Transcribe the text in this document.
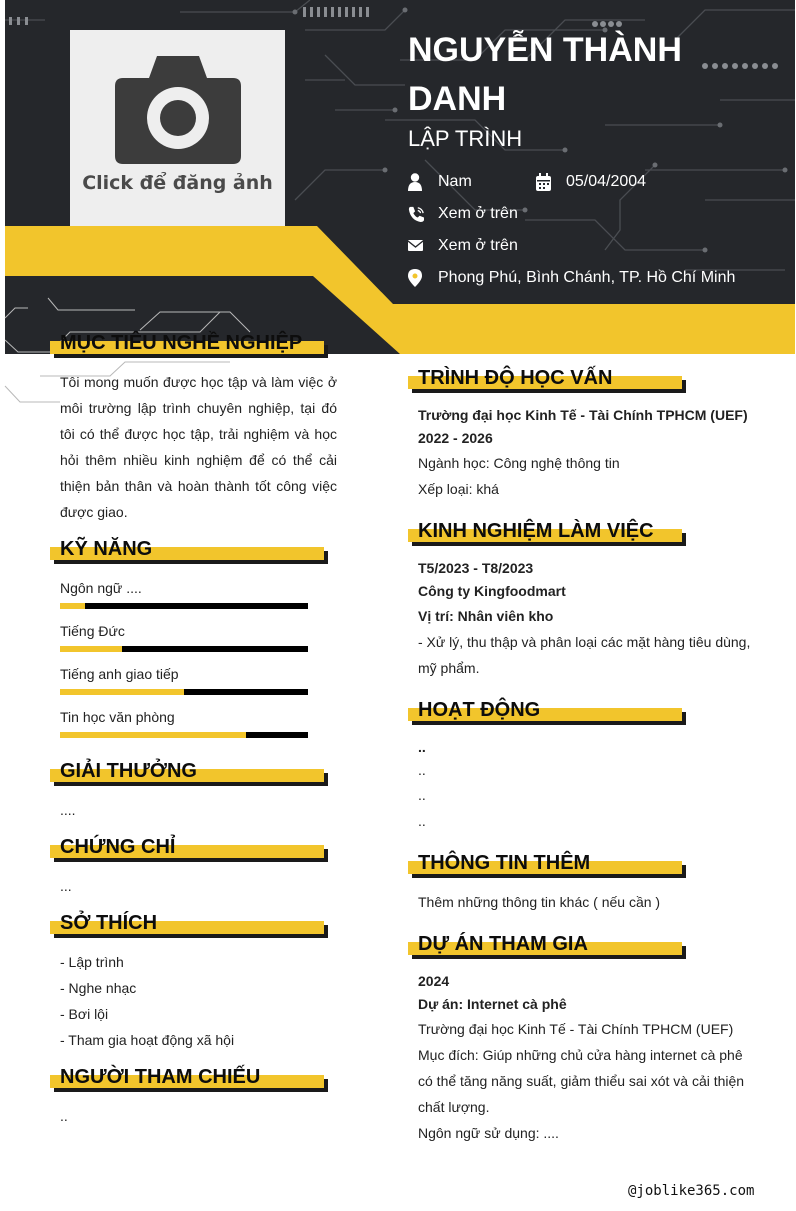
Click để đăng ảnh
NGUYỄN THÀNH DANH
LẬP TRÌNH
Nam	05/04/2004
Xem ở trên
Xem ở trên
Phong Phú, Bình Chánh, TP. Hồ Chí Minh
MỤC TIÊU NGHỀ NGHIỆP
Tôi mong muốn được học tập và làm việc ở môi trường lập trình chuyên nghiệp, tại đó tôi có thể được học tập, trải nghiệm và học hỏi thêm nhiều kinh nghiệm để có thể cải thiện bản thân và hoàn thành tốt công việc được giao.
KỸ NĂNG
Ngôn ngữ ....
Tiếng Đức
Tiếng anh giao tiếp
Tin học văn phòng
GIẢI THƯỞNG
....
CHỨNG CHỈ
...
SỞ THÍCH
- Lập trình
- Nghe nhạc
- Bơi lội
- Tham gia hoạt động xã hội
NGƯỜI THAM CHIẾU
..
TRÌNH ĐỘ HỌC VẤN
Trường đại học Kinh Tế - Tài Chính TPHCM (UEF)
2022 - 2026
Ngành học: Công nghệ thông tin
Xếp loại: khá
KINH NGHIỆM LÀM VIỆC
T5/2023 - T8/2023
Công ty Kingfoodmart
Vị trí: Nhân viên kho
- Xử lý, thu thập và phân loại các mặt hàng tiêu dùng, mỹ phẩm.
HOẠT ĐỘNG
..
..
..
..
THÔNG TIN THÊM
Thêm những thông tin khác ( nếu cần )
DỰ ÁN THAM GIA
2024
Dự án: Internet cà phê
Trường đại học Kinh Tế - Tài Chính TPHCM (UEF)
Mục đích: Giúp những chủ cửa hàng internet cà phê có thể tăng năng suất, giảm thiểu sai xót và cải thiện chất lượng.
Ngôn ngữ sử dụng: ....
@joblike365.com
